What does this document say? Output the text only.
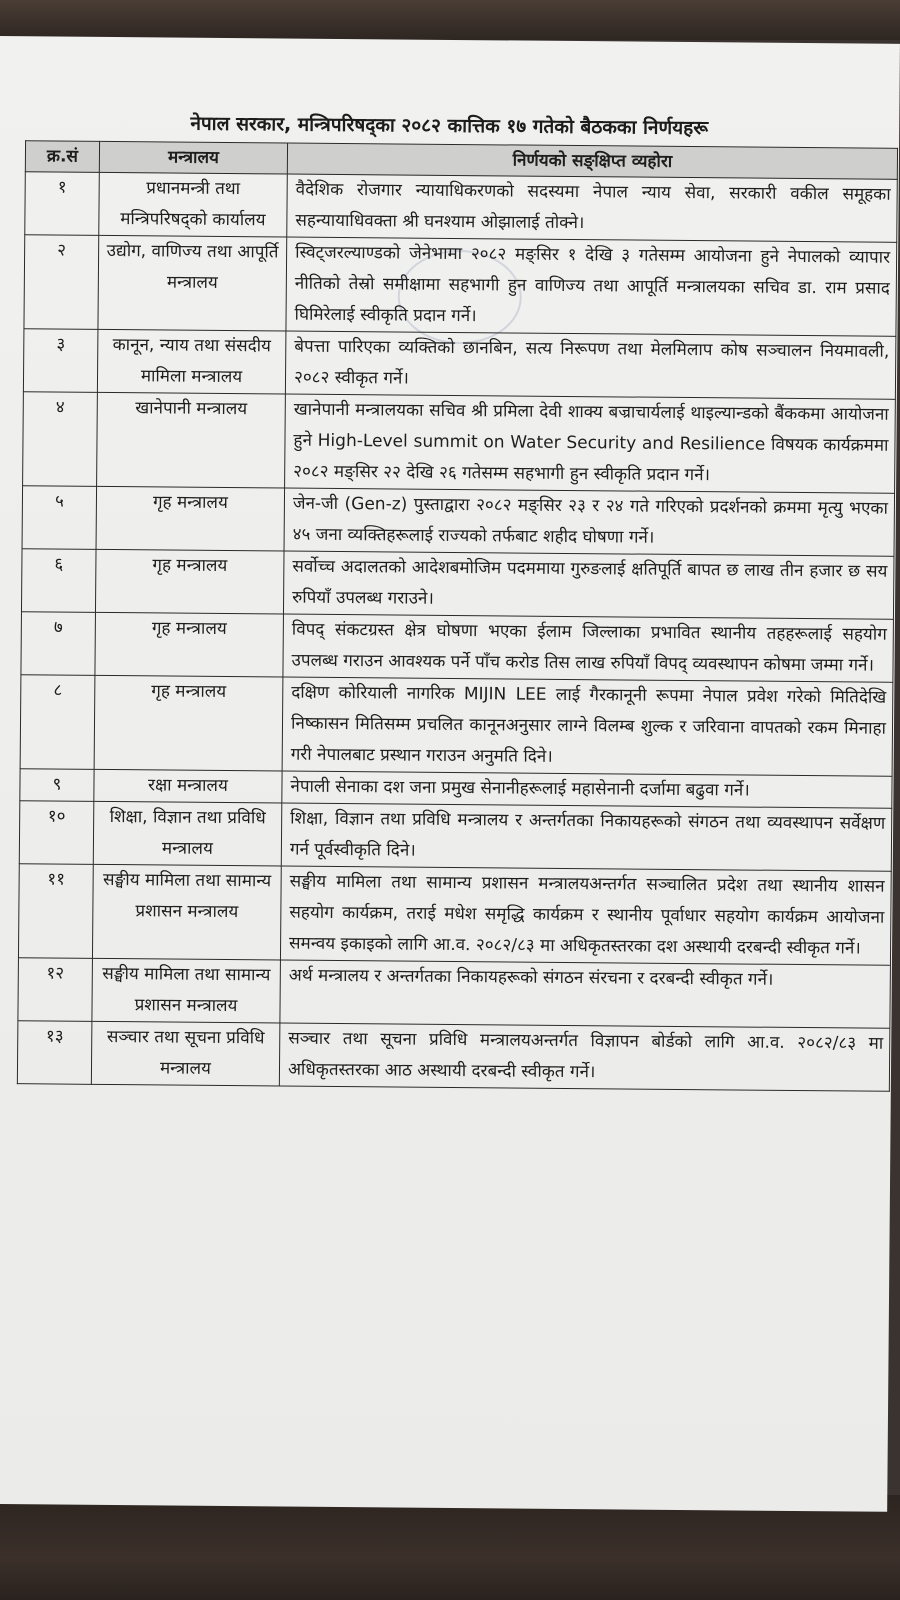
नेपाल सरकार, मन्त्रिपरिषद्का २०८२ कात्तिक १७ गतेको बैठकका निर्णयहरू
क्र.सं	मन्त्रालय	निर्णयको सङ्क्षिप्त व्यहोरा
१	प्रधानमन्त्री तथा मन्त्रिपरिषद्को कार्यालय	वैदेशिक रोजगार न्यायाधिकरणको सदस्यमा नेपाल न्याय सेवा, सरकारी वकील समूहका सहन्यायाधिवक्ता श्री घनश्याम ओझालाई तोक्ने।
२	उद्योग, वाणिज्य तथा आपूर्ति मन्त्रालय	स्विट्जरल्याण्डको जेनेभामा २०८२ मङ्सिर १ देखि ३ गतेसम्म आयोजना हुने नेपालको व्यापार नीतिको तेस्रो समीक्षामा सहभागी हुन वाणिज्य तथा आपूर्ति मन्त्रालयका सचिव डा. राम प्रसाद घिमिरेलाई स्वीकृति प्रदान गर्ने।
३	कानून, न्याय तथा संसदीय मामिला मन्त्रालय	बेपत्ता पारिएका व्यक्तिको छानबिन, सत्य निरूपण तथा मेलमिलाप कोष सञ्चालन नियमावली, २०८२ स्वीकृत गर्ने।
४	खानेपानी मन्त्रालय	खानेपानी मन्त्रालयका सचिव श्री प्रमिला देवी शाक्य बज्राचार्यलाई थाइल्यान्डको बैंककमा आयोजना हुने High-Level summit on Water Security and Resilience विषयक कार्यक्रममा २०८२ मङ्सिर २२ देखि २६ गतेसम्म सहभागी हुन स्वीकृति प्रदान गर्ने।
५	गृह मन्त्रालय	जेन-जी (Gen-z) पुस्ताद्वारा २०८२ मङ्सिर २३ र २४ गते गरिएको प्रदर्शनको क्रममा मृत्यु भएका ४५ जना व्यक्तिहरूलाई राज्यको तर्फबाट शहीद घोषणा गर्ने।
६	गृह मन्त्रालय	सर्वोच्च अदालतको आदेशबमोजिम पदममाया गुरुङलाई क्षतिपूर्ति बापत छ लाख तीन हजार छ सय रुपियाँ उपलब्ध गराउने।
७	गृह मन्त्रालय	विपद् संकटग्रस्त क्षेत्र घोषणा भएका ईलाम जिल्लाका प्रभावित स्थानीय तहहरूलाई सहयोग उपलब्ध गराउन आवश्यक पर्ने पाँच करोड तिस लाख रुपियाँ विपद् व्यवस्थापन कोषमा जम्मा गर्ने।
८	गृह मन्त्रालय	दक्षिण कोरियाली नागरिक MIJIN LEE लाई गैरकानूनी रूपमा नेपाल प्रवेश गरेको मितिदेखि निष्कासन मितिसम्म प्रचलित कानूनअनुसार लाग्ने विलम्ब शुल्क र जरिवाना वापतको रकम मिनाहा गरी नेपालबाट प्रस्थान गराउन अनुमति दिने।
९	रक्षा मन्त्रालय	नेपाली सेनाका दश जना प्रमुख सेनानीहरूलाई महासेनानी दर्जामा बढुवा गर्ने।
१०	शिक्षा, विज्ञान तथा प्रविधि मन्त्रालय	शिक्षा, विज्ञान तथा प्रविधि मन्त्रालय र अन्तर्गतका निकायहरूको संगठन तथा व्यवस्थापन सर्वेक्षण गर्न पूर्वस्वीकृति दिने।
११	सङ्घीय मामिला तथा सामान्य प्रशासन मन्त्रालय	सङ्घीय मामिला तथा सामान्य प्रशासन मन्त्रालयअन्तर्गत सञ्चालित प्रदेश तथा स्थानीय शासन सहयोग कार्यक्रम, तराई मधेश समृद्धि कार्यक्रम र स्थानीय पूर्वाधार सहयोग कार्यक्रम आयोजना समन्वय इकाइको लागि आ.व. २०८२/८३ मा अधिकृतस्तरका दश अस्थायी दरबन्दी स्वीकृत गर्ने।
१२	सङ्घीय मामिला तथा सामान्य प्रशासन मन्त्रालय	अर्थ मन्त्रालय र अन्तर्गतका निकायहरूको संगठन संरचना र दरबन्दी स्वीकृत गर्ने।
१३	सञ्चार तथा सूचना प्रविधि मन्त्रालय	सञ्चार तथा सूचना प्रविधि मन्त्रालयअन्तर्गत विज्ञापन बोर्डको लागि आ.व. २०८२/८३ मा अधिकृतस्तरका आठ अस्थायी दरबन्दी स्वीकृत गर्ने।
